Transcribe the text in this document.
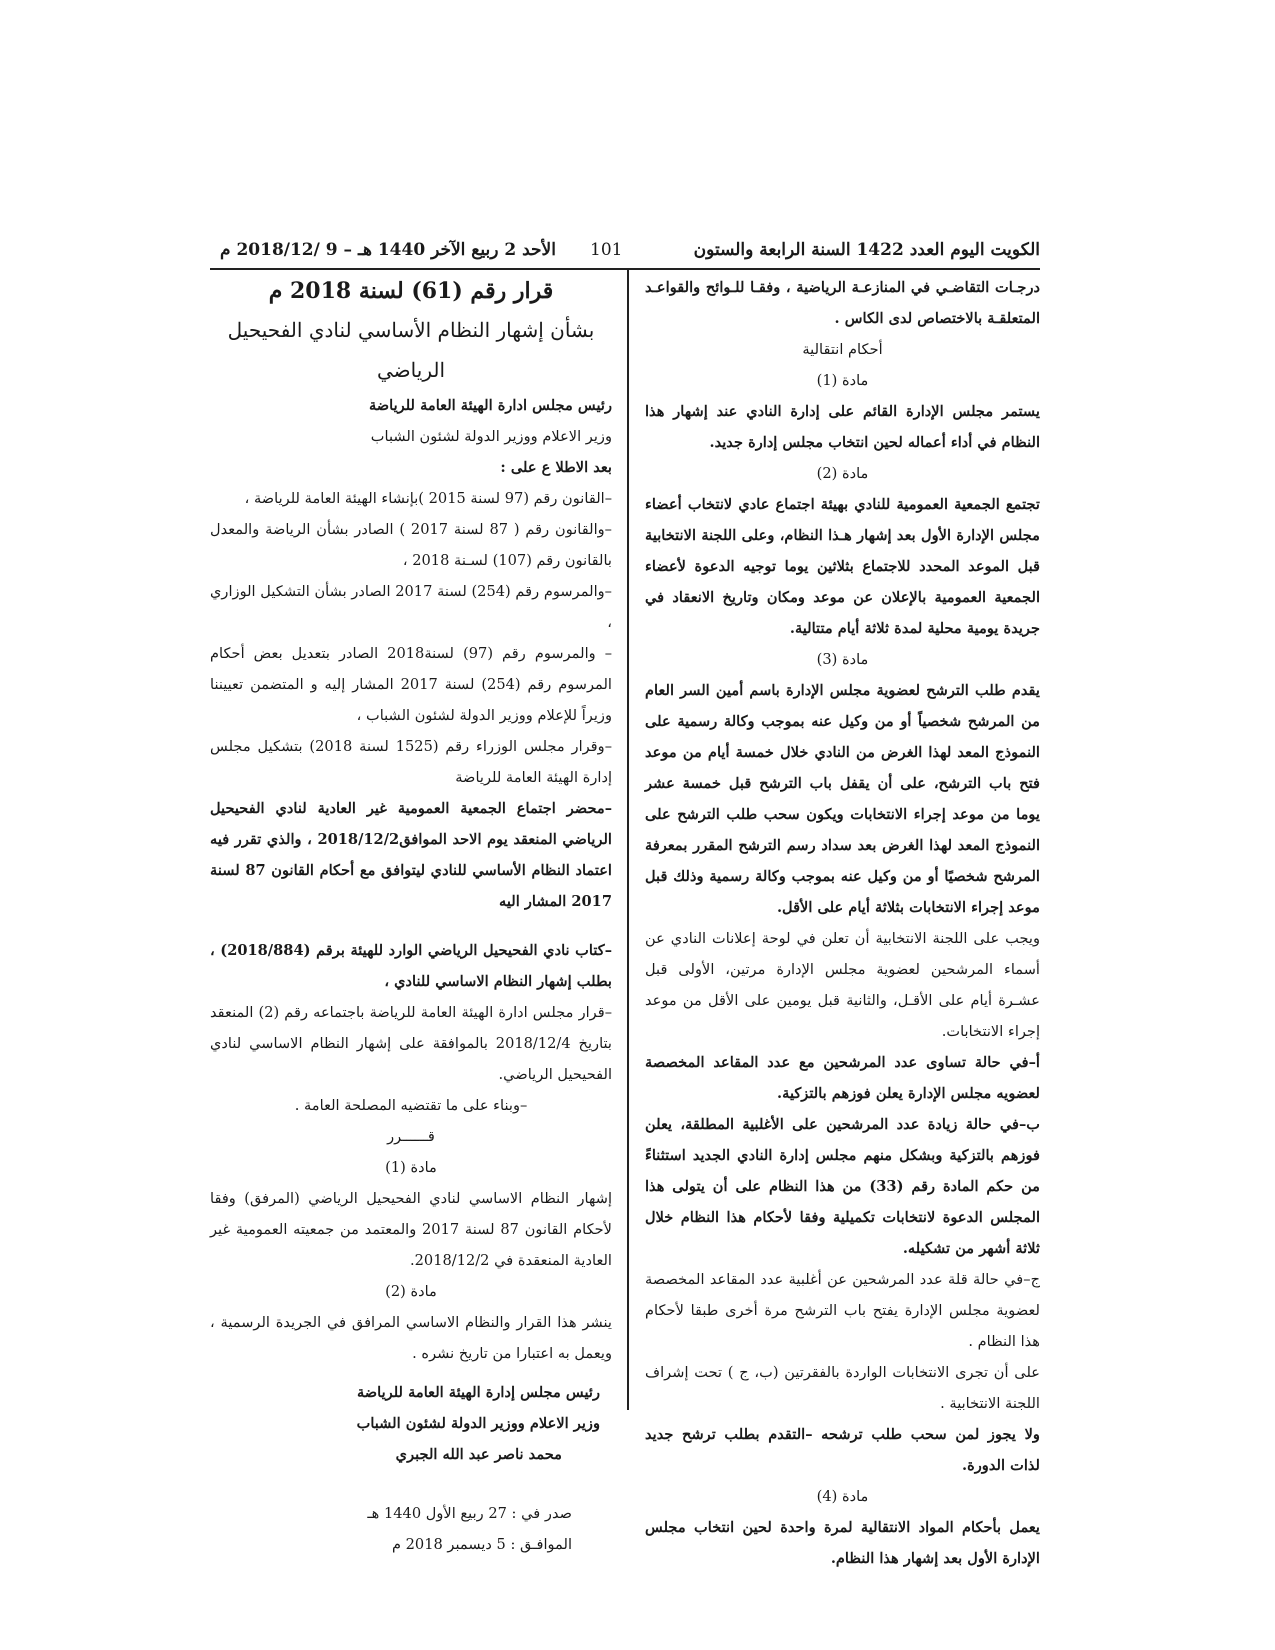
الكويت اليوم العدد 1422 السنة الرابعة والستون
101
الأحد 2 ربيع الآخر 1440 هـ – 9 /2018/12 م

درجـات التقاضـي في المنازعـة الرياضية ، وفقـا للـوائح والقواعـد المتعلقـة بالاختصاص لدى الكاس .

أحكام انتقالية

مادة (1)

يستمر مجلس الإدارة القائم على إدارة النادي عند إشهار هذا النظام في أداء أعماله لحين انتخاب مجلس إدارة جديد.

مادة (2)

تجتمع الجمعية العمومية للنادي بهيئة اجتماع عادي لانتخاب أعضاء مجلس الإدارة الأول بعد إشهار هـذا النظام، وعلى اللجنة الانتخابية قبل الموعد المحدد للاجتماع بثلاثين يوما توجيه الدعوة لأعضاء الجمعية العمومية بالإعلان عن موعد ومكان وتاريخ الانعقاد في جريدة يومية محلية لمدة ثلاثة أيام متتالية.

مادة (3)

يقدم طلب الترشح لعضوية مجلس الإدارة باسم أمين السر العام من المرشح شخصياً أو من وكيل عنه بموجب وكالة رسمية على النموذج المعد لهذا الغرض من النادي خلال خمسة أيام من موعد فتح باب الترشح، على أن يقفل باب الترشح قبل خمسة عشر يوما من موعد إجراء الانتخابات ويكون سحب طلب الترشح على النموذج المعد لهذا الغرض بعد سداد رسم الترشح المقرر بمعرفة المرشح شخصيًا أو من وكيل عنه بموجب وكالة رسمية وذلك قبل موعد إجراء الانتخابات بثلاثة أيام على الأقل.

ويجب على اللجنة الانتخابية أن تعلن في لوحة إعلانات النادي عن أسماء المرشحين لعضوية مجلس الإدارة مرتين، الأولى قبل عشـرة أيام على الأقـل، والثانية قبل يومين على الأقل من موعد إجراء الانتخابات.

أ–في حالة تساوى عدد المرشحين مع عدد المقاعد المخصصة لعضويه مجلس الإدارة يعلن فوزهم بالتزكية.

ب–في حالة زيادة عدد المرشحين على الأغلبية المطلقة، يعلن فوزهم بالتزكية وبشكل منهم مجلس إدارة النادي الجديد استثناءً من حكم المادة رقم (33) من هذا النظام على أن يتولى هذا المجلس الدعوة لانتخابات تكميلية وفقا لأحكام هذا النظام خلال ثلاثة أشهر من تشكيله.

ج–في حالة قلة عدد المرشحين عن أغلبية عدد المقاعد المخصصة لعضوية مجلس الإدارة يفتح باب الترشح مرة أخرى طبقا لأحكام هذا النظام .

على أن تجرى الانتخابات الواردة بالفقرتين (ب، ج ) تحت إشراف اللجنة الانتخابية .

ولا يجوز لمن سحب طلب ترشحه –التقدم بطلب ترشح جديد لذات الدورة.

مادة (4)

يعمل بأحكام المواد الانتقالية لمرة واحدة لحين انتخاب مجلس الإدارة الأول بعد إشهار هذا النظام.

قرار رقم (61) لسنة 2018 م

بشأن إشهار النظام الأساسي لنادي الفحيحيل الرياضي

رئيس مجلس ادارة الهيئة العامة للرياضة

وزير الاعلام ووزير الدولة لشئون الشباب

بعد الاطلا ع على :

–القانون رقم (97 لسنة 2015 )بإنشاء الهيئة العامة للرياضة ،

–والقانون رقم ( 87 لسنة 2017 ) الصادر بشأن الرياضة والمعدل بالقانون رقم (107) لسـنة 2018 ،

–والمرسوم رقم (254) لسنة 2017 الصادر بشأن التشكيل الوزاري ،

– والمرسوم رقم (97) لسنة2018 الصادر بتعديل بعض أحكام المرسوم رقم (254) لسنة 2017 المشار إليه و المتضمن تعييننا وزيراً للإعلام ووزير الدولة لشئون الشباب ،

–وقرار مجلس الوزراء رقم (1525 لسنة 2018) بتشكيل مجلس إدارة الهيئة العامة للرياضة

–محضر اجتماع الجمعية العمومية غير العادية لنادي الفحيحيل الرياضي المنعقد يوم الاحد الموافق2018/12/2 ، والذي تقرر فيه اعتماد النظام الأساسي للنادي ليتوافق مع أحكام القانون 87 لسنة 2017 المشار اليه

–كتاب نادي الفحيحيل الرياضي الوارد للهيئة برقم (2018/884) ، بطلب إشهار النظام الاساسي للنادي ،

–قرار مجلس ادارة الهيئة العامة للرياضة باجتماعه رقم (2) المنعقد بتاريخ 2018/12/4 بالموافقة على إشهار النظام الاساسي لنادي الفحيحيل الرياضي.

–وبناء على ما تقتضيه المصلحة العامة .

قــــــرر

مادة (1)

إشهار النظام الاساسي لنادي الفحيحيل الرياضي (المرفق) وفقا لأحكام القانون 87 لسنة 2017 والمعتمد من جمعيته العمومية غير العادية المنعقدة في 2018/12/2.

مادة (2)

ينشر هذا القرار والنظام الاساسي المرافق في الجريدة الرسمية ، ويعمل به اعتبارا من تاريخ نشره .

رئيس مجلس إدارة الهيئة العامة للرياضة

وزير الاعلام ووزير الدولة لشئون الشباب

محمد ناصر عبد الله الجبري

صدر في : 27 ربيع الأول 1440 هـ

الموافـق : 5 ديسمبر 2018 م
